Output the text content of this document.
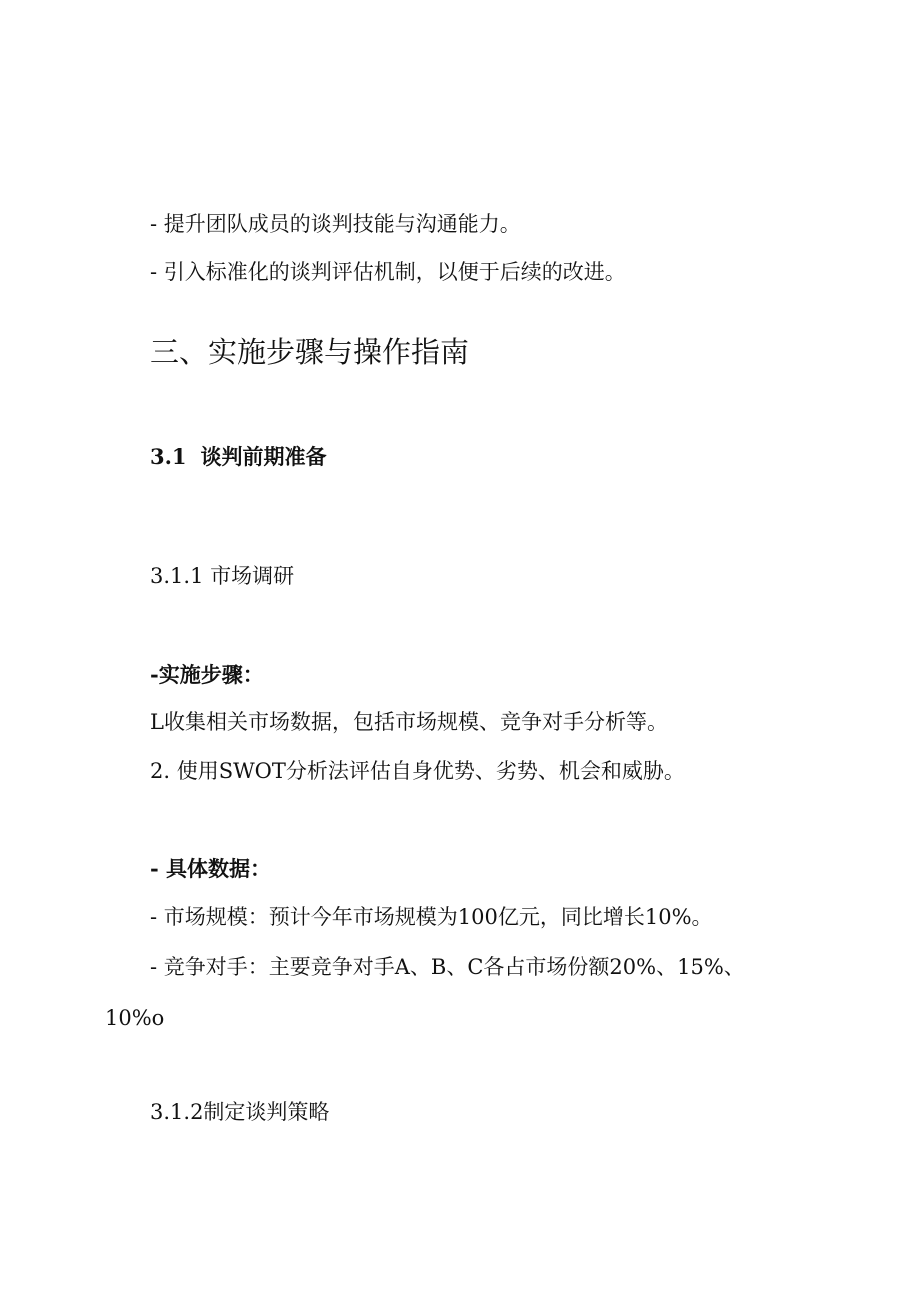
- 提升团队成员的谈判技能与沟通能力。

- 引入标准化的谈判评估机制，以便于后续的改进。

三、实施步骤与操作指南
3.1 谈判前期准备

3.1.1 市场调研

-实施步骤：

L收集相关市场数据，包括市场规模、竞争对手分析等。

2. 使用SWOT分析法评估自身优势、劣势、机会和威胁。

- 具体数据：

- 市场规模：预计今年市场规模为100亿元，同比增长10%。

- 竞争对手：主要竞争对手A、B、C各占市场份额20%、15%、

10%o

3.1.2制定谈判策略
